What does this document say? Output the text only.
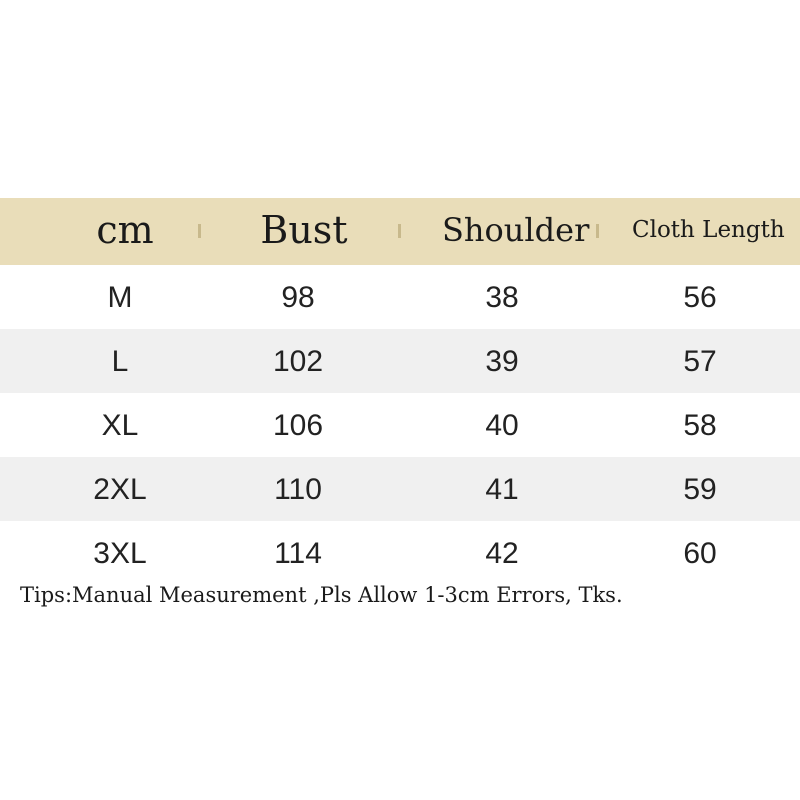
cm	Bust	Shoulder	Cloth Length
M	98	38	56
L	102	39	57
XL	106	40	58
2XL	110	41	59
3XL	114	42	60
Tips:Manual Measurement ,Pls Allow 1-3cm Errors, Tks.
